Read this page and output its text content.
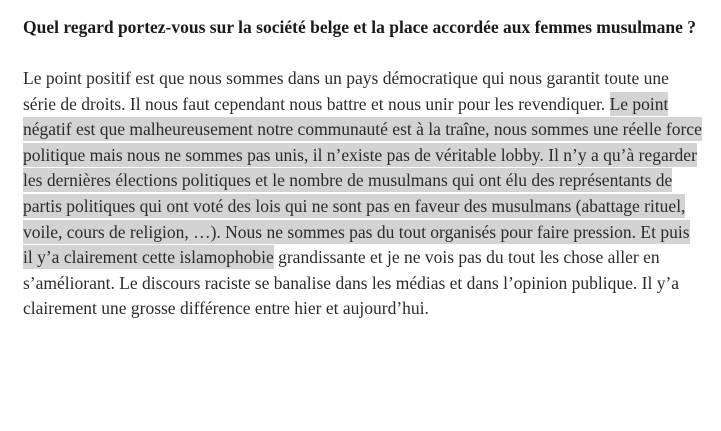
Quel regard portez-vous sur la société belge et la place accordée aux femmes musulmane ?

Le point positif est que nous sommes dans un pays démocratique qui nous garantit toute une série de droits. Il nous faut cependant nous battre et nous unir pour les revendiquer. Le point négatif est que malheureusement notre communauté est à la traîne, nous sommes une réelle force politique mais nous ne sommes pas unis, il n’existe pas de véritable lobby. Il n’y a qu’à regarder les dernières élections politiques et le nombre de musulmans qui ont élu des représentants de partis politiques qui ont voté des lois qui ne sont pas en faveur des musulmans (abattage rituel, voile, cours de religion, …). Nous ne sommes pas du tout organisés pour faire pression. Et puis il y’a clairement cette islamophobie grandissante et je ne vois pas du tout les chose aller en s’améliorant. Le discours raciste se banalise dans les médias et dans l’opinion publique. Il y’a clairement une grosse différence entre hier et aujourd’hui.
